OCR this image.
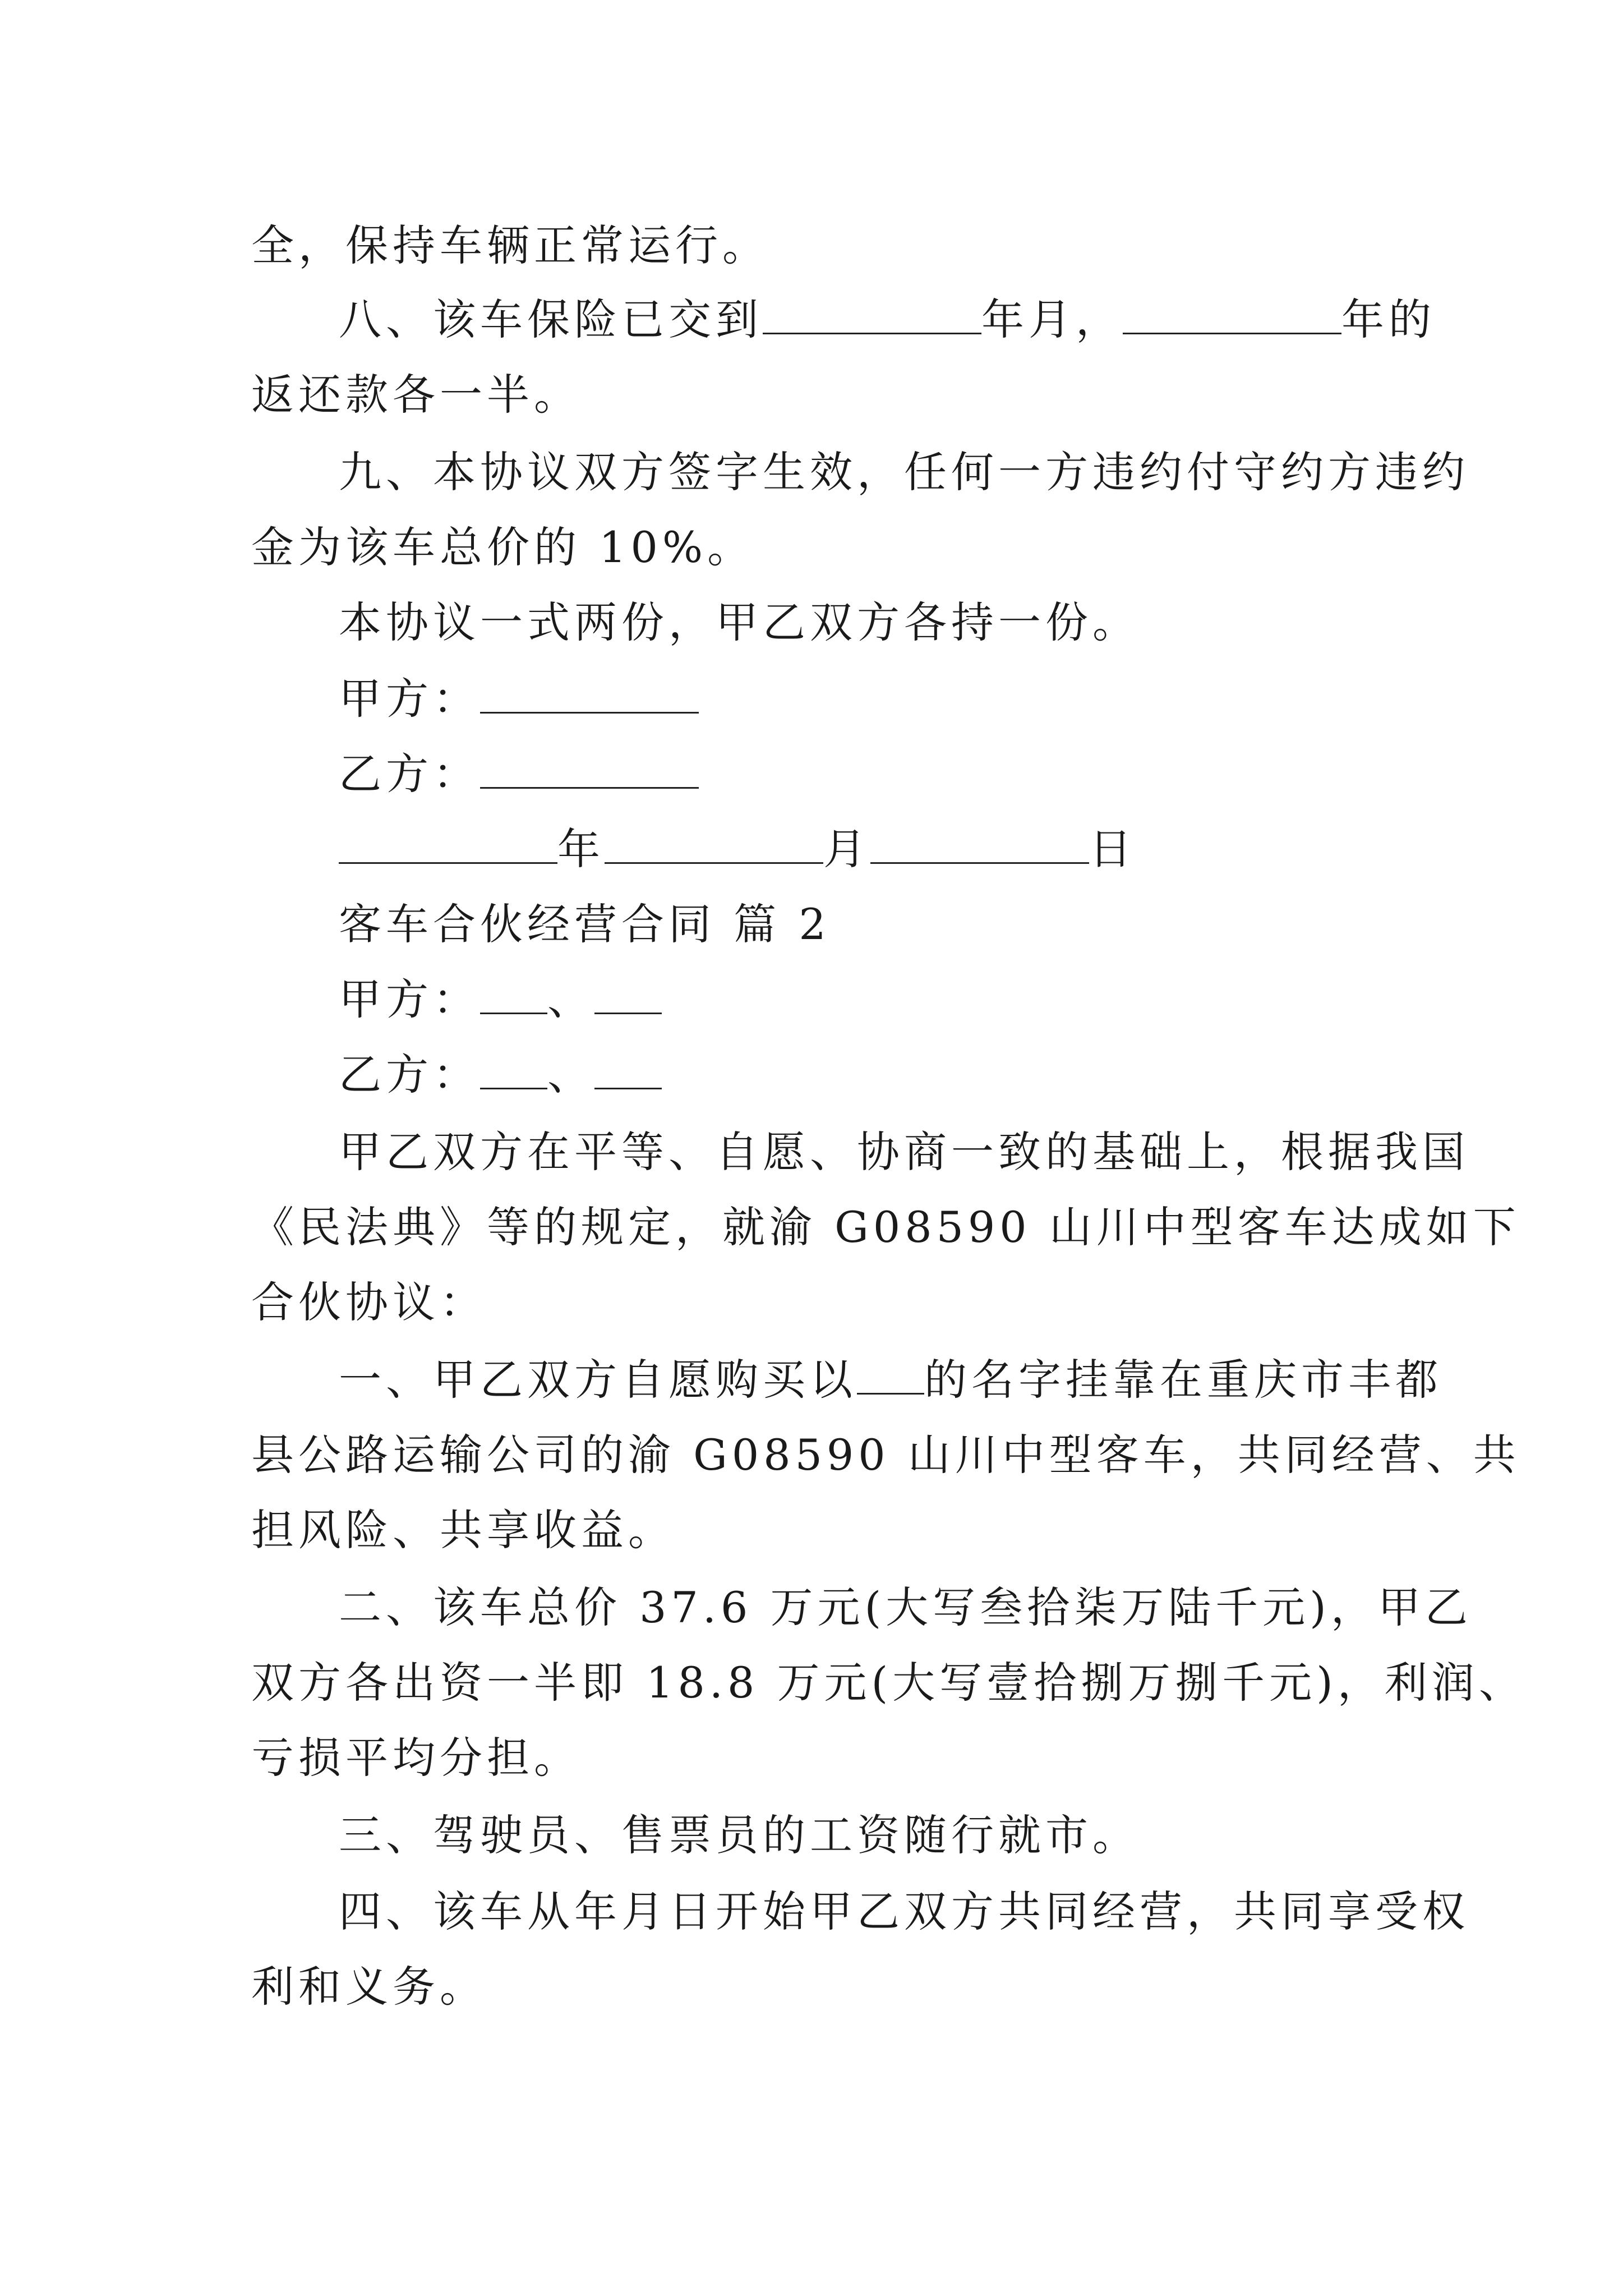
全，保持车辆正常运行。
八、该车保险已交到	年月，	年的
返还款各一半。
九、本协议双方签字生效，任何一方违约付守约方违约
金为该车总价的 10%。
本协议一式两份，甲乙双方各持一份。
甲方：
乙方：
年	月	日
客车合伙经营合同 篇 2
甲方： 、
乙方： 、
甲乙双方在平等、自愿、协商一致的基础上，根据我国
《民法典》等的规定，就渝 G08590 山川中型客车达成如下
合伙协议：
一、甲乙双方自愿购买以 的名字挂靠在重庆市丰都
县公路运输公司的渝 G08590 山川中型客车，共同经营、共
担风险、共享收益。
二、该车总价 37.6 万元(大写叁拾柒万陆千元)，甲乙
双方各出资一半即 18.8 万元(大写壹拾捌万捌千元)，利润、
亏损平均分担。
三、驾驶员、售票员的工资随行就市。
四、该车从年月日开始甲乙双方共同经营，共同享受权
利和义务。
